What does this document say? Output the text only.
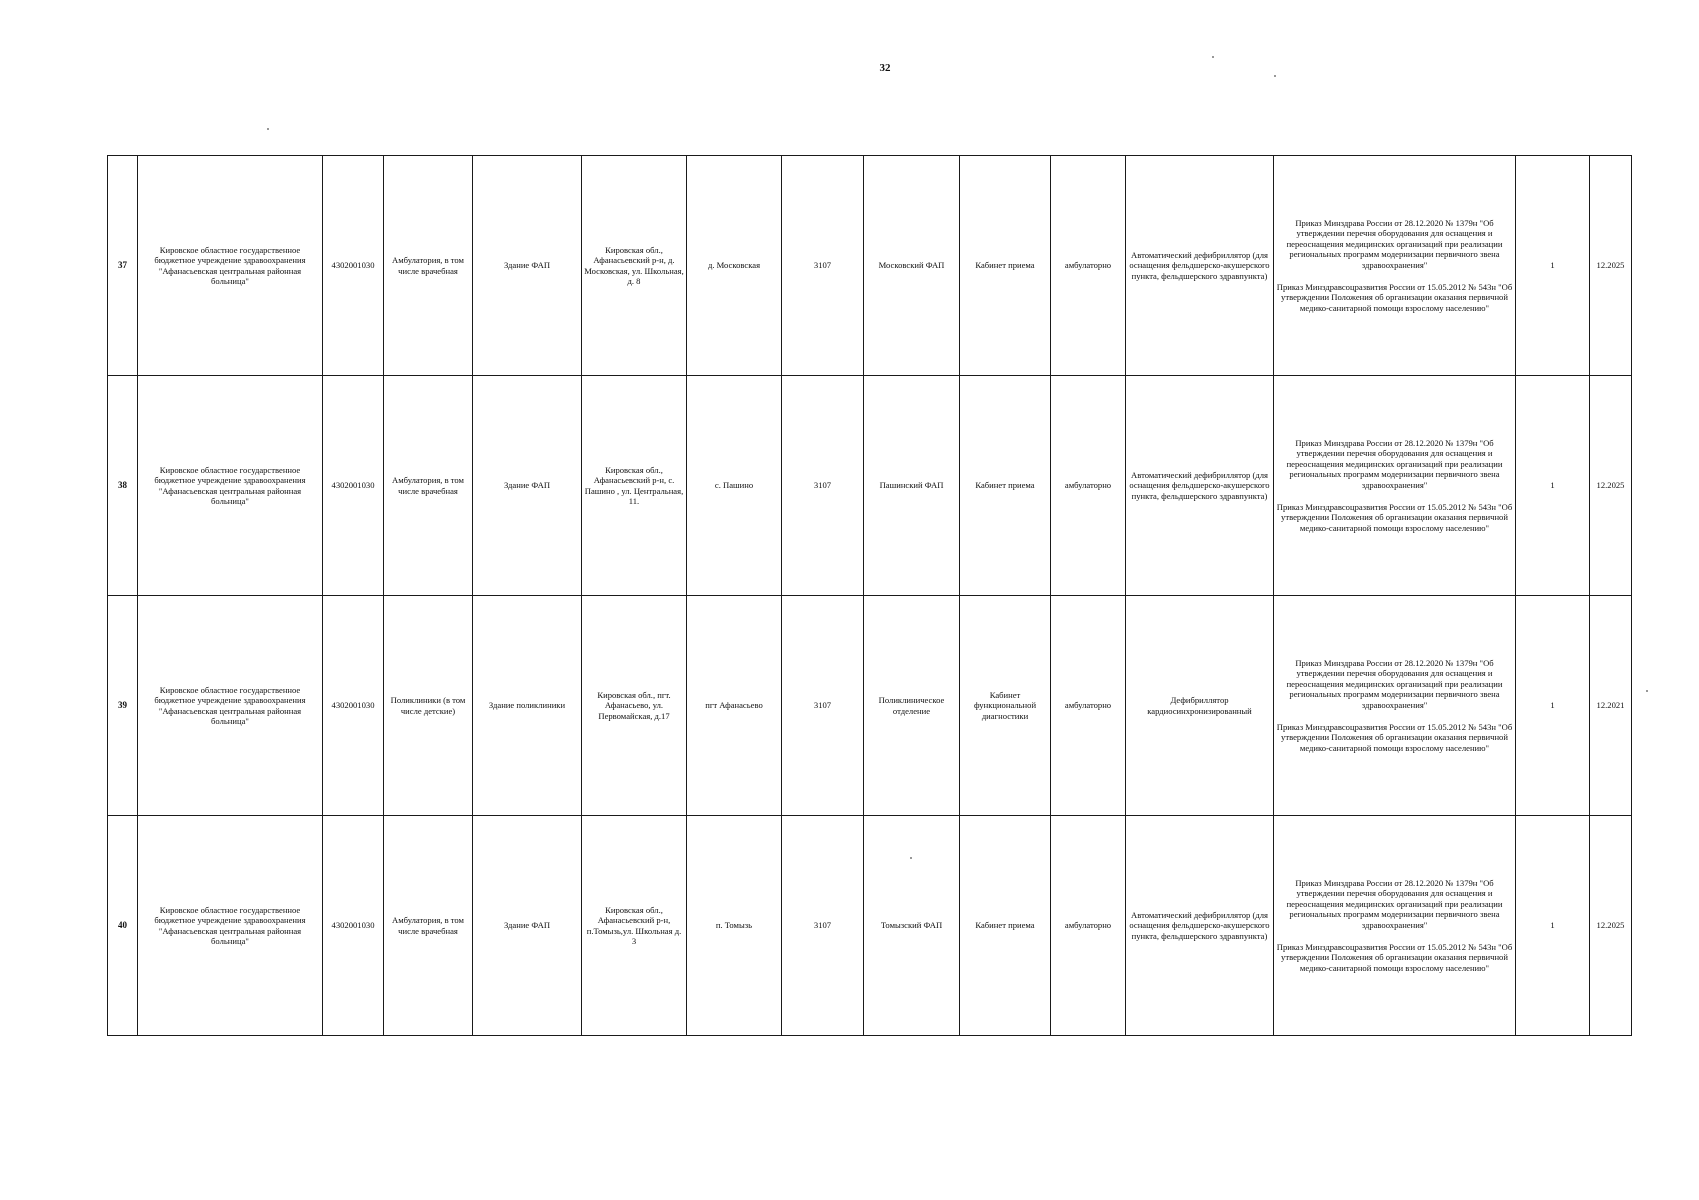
32
37	Кировское областное государственное бюджетное учреждение здравоохранения "Афанасьевская центральная районная больница"	4302001030	Амбулатория, в том числе врачебная	Здание ФАП	Кировская обл., Афанасьевский р-н, д. Московская, ул. Школьная, д. 8	д. Московская	3107	Московский ФАП	Кабинет приема	амбулаторно	Автоматический дефибриллятор (для оснащения фельдшерско-акушерского пункта, фельдшерского здравпункта)	Приказ Минздрава России от 28.12.2020 № 1379н "Об утверждении перечня оборудования для оснащения и переоснащения медицинских организаций при реализации региональных программ модернизации первичного звена здравоохранения"
Приказ Минздравсоцразвития России от 15.05.2012 № 543н "Об утверждении Положения об организации оказания первичной медико-санитарной помощи взрослому населению"	1	12.2025
38	Кировское областное государственное бюджетное учреждение здравоохранения "Афанасьевская центральная районная больница"	4302001030	Амбулатория, в том числе врачебная	Здание ФАП	Кировская обл., Афанасьевский р-н, с. Пашино , ул. Центральная, 11.	с. Пашино	3107	Пашинский ФАП	Кабинет приема	амбулаторно	Автоматический дефибриллятор (для оснащения фельдшерско-акушерского пункта, фельдшерского здравпункта)	Приказ Минздрава России от 28.12.2020 № 1379н "Об утверждении перечня оборудования для оснащения и переоснащения медицинских организаций при реализации региональных программ модернизации первичного звена здравоохранения"
Приказ Минздравсоцразвития России от 15.05.2012 № 543н "Об утверждении Положения об организации оказания первичной медико-санитарной помощи взрослому населению"	1	12.2025
39	Кировское областное государственное бюджетное учреждение здравоохранения "Афанасьевская центральная районная больница"	4302001030	Поликлиники (в том числе детские)	Здание поликлиники	Кировская обл., пгт. Афанасьево, ул. Первомайская, д.17	пгт Афанасьево	3107	Поликлиническое отделение	Кабинет функциональной диагностики	амбулаторно	Дефибриллятор кардиосинхронизированный	Приказ Минздрава России от 28.12.2020 № 1379н "Об утверждении перечня оборудования для оснащения и переоснащения медицинских организаций при реализации региональных программ модернизации первичного звена здравоохранения"
Приказ Минздравсоцразвития России от 15.05.2012 № 543н "Об утверждении Положения об организации оказания первичной медико-санитарной помощи взрослому населению"	1	12.2021
40	Кировское областное государственное бюджетное учреждение здравоохранения "Афанасьевская центральная районная больница"	4302001030	Амбулатория, в том числе врачебная	Здание ФАП	Кировская обл., Афанасьевский р-н, п.Томызь,ул. Школьная д. 3	п. Томызь	3107	Томызский ФАП	Кабинет приема	амбулаторно	Автоматический дефибриллятор (для оснащения фельдшерско-акушерского пункта, фельдшерского здравпункта)	Приказ Минздрава России от 28.12.2020 № 1379н "Об утверждении перечня оборудования для оснащения и переоснащения медицинских организаций при реализации региональных программ модернизации первичного звена здравоохранения"
Приказ Минздравсоцразвития России от 15.05.2012 № 543н "Об утверждении Положения об организации оказания первичной медико-санитарной помощи взрослому населению"	1	12.2025
